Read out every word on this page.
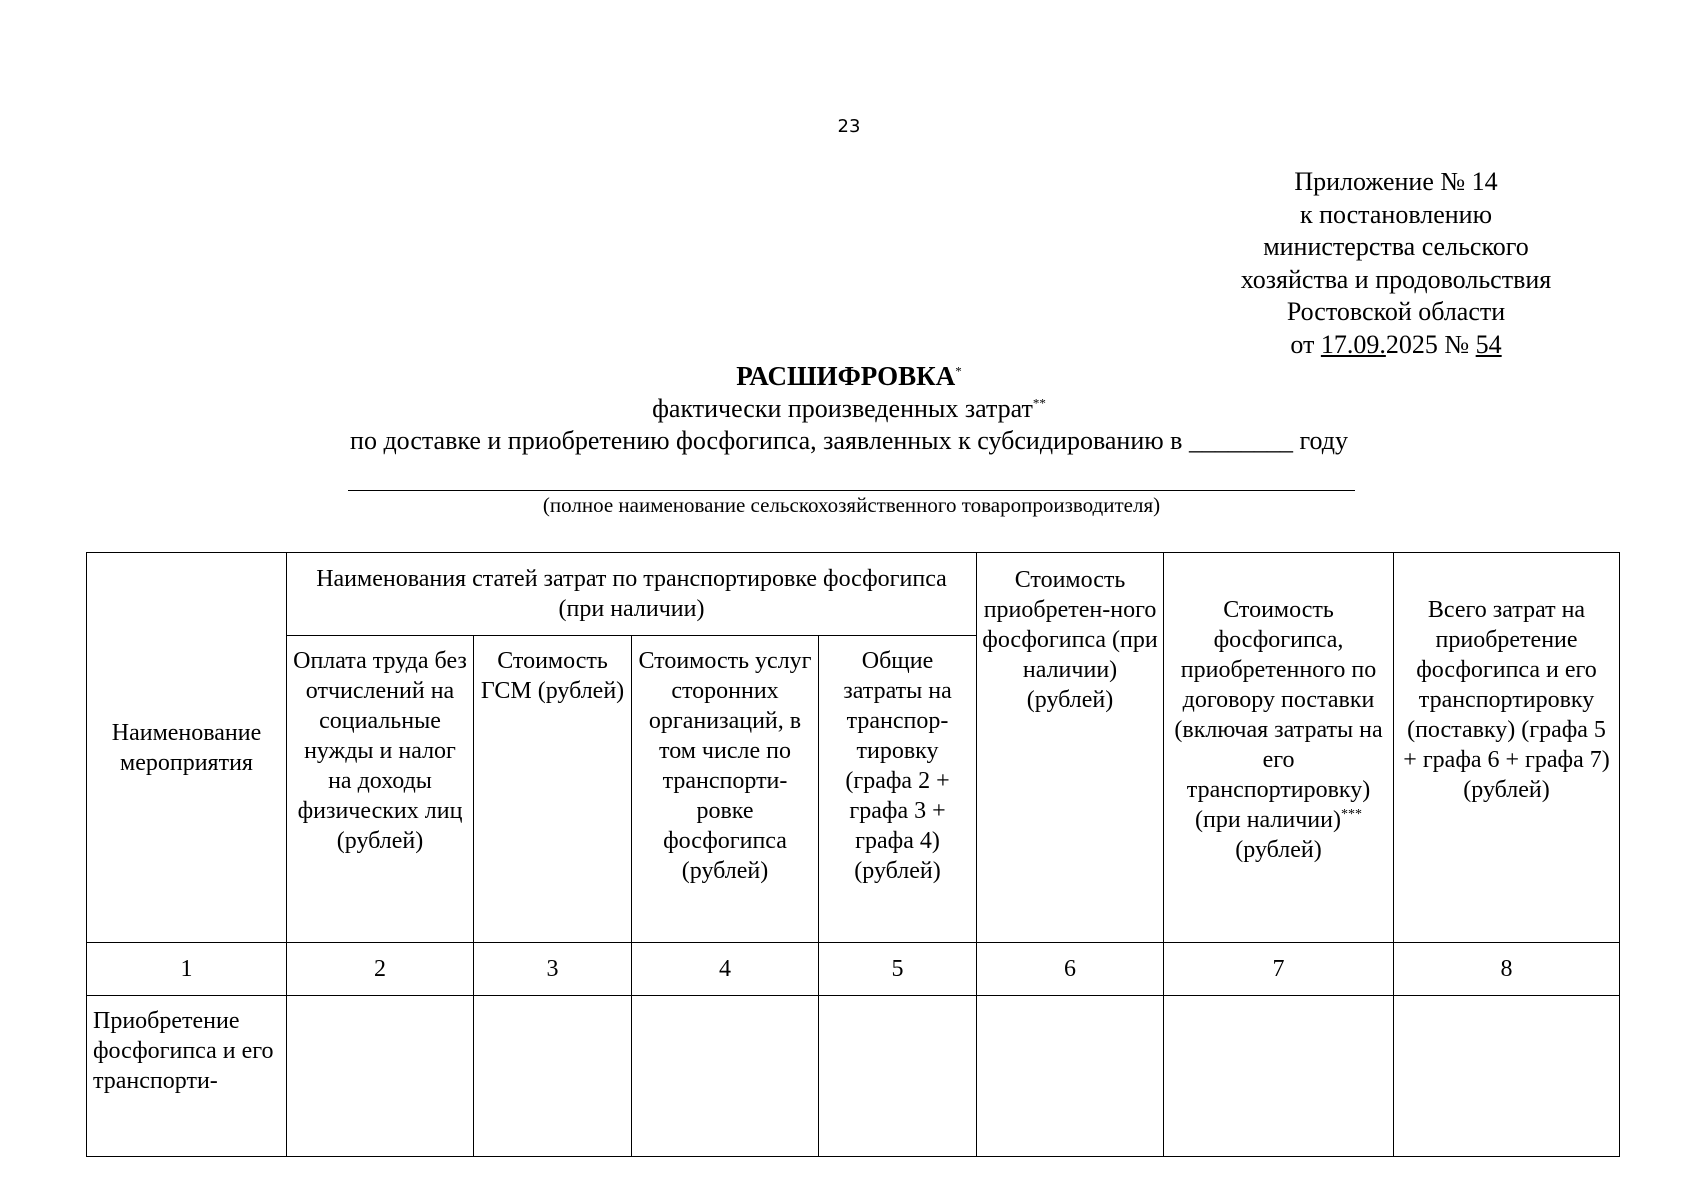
23
Приложение № 14
к постановлению
министерства сельского
хозяйства и продовольствия
Ростовской области
от 17.09.2025 № 54
РАСШИФРОВКА*
фактически произведенных затрат**
по доставке и приобретению фосфогипса, заявленных к субсидированию в ________ году
(полное наименование сельскохозяйственного товаропроизводителя)
Наименование мероприятия	Наименования статей затрат по транспортировке фосфогипса (при наличии)				Стоимость приобретен-ного фосфогипса (при наличии) (рублей)	Стоимость фосфогипса, приобретенного по договору поставки (включая затраты на его транспортировку) (при наличии)*** (рублей)	Всего затрат на приобретение фосфогипса и его транспортировку (поставку) (графа 5 + графа 6 + графа 7) (рублей)
	Оплата труда без отчислений на социальные нужды и налог на доходы физических лиц (рублей)	Стоимость ГСМ (рублей)	Стоимость услуг сторонних организаций, в том числе по транспорти-ровке фосфогипса (рублей)	Общие затраты на транспор-тировку (графа 2 + графа 3 + графа 4) (рублей)			
1	2	3	4	5	6	7	8
Приобретение фосфогипса и его транспорти-							
